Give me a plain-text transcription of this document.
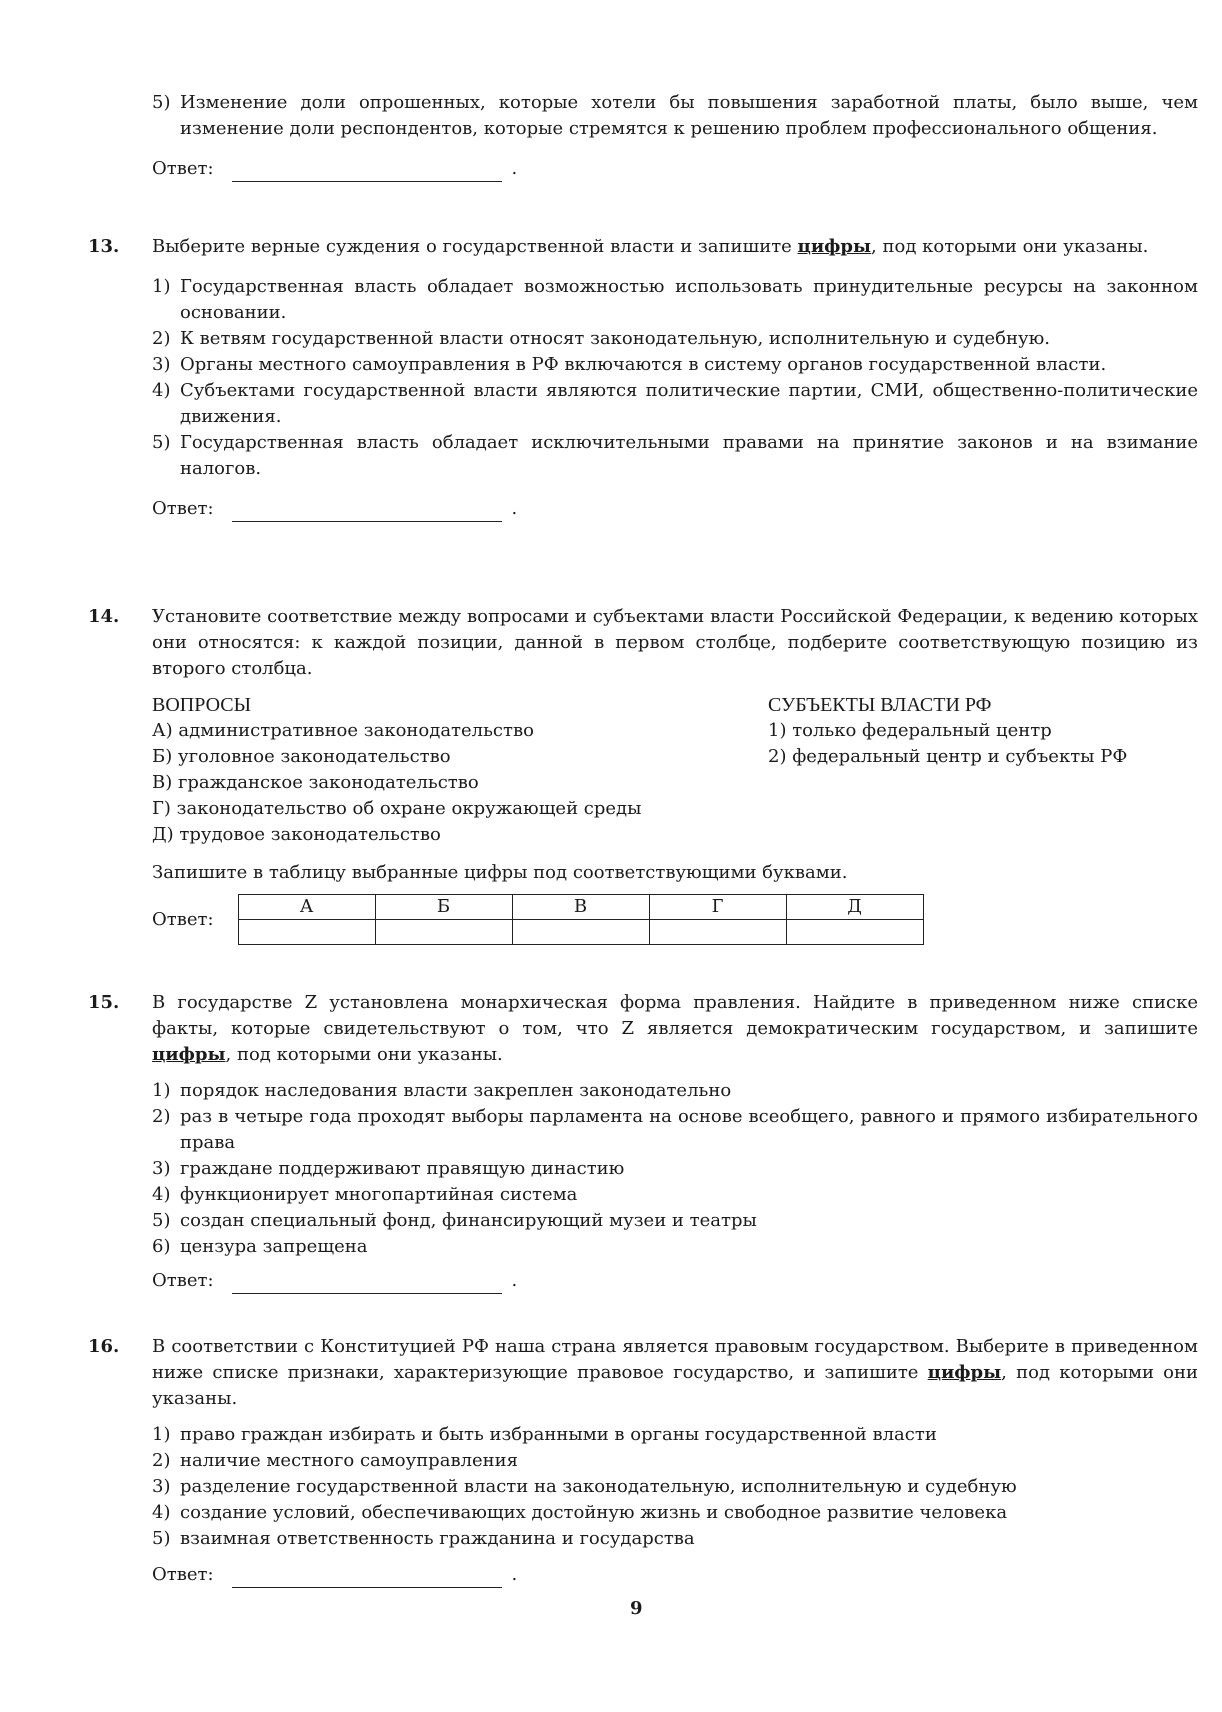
5) Изменение доли опрошенных, которые хотели бы повышения заработной платы, было выше, чем изменение доли респондентов, которые стремятся к решению проблем профессионального общения.
Ответ:	.
13. Выберите верные суждения о государственной власти и запишите цифры, под которыми они указаны.
1) Государственная власть обладает возможностью использовать принудительные ресурсы на законном основании.
2) К ветвям государственной власти относят законодательную, исполнительную и судебную.
3) Органы местного самоуправления в РФ включаются в систему органов государственной власти.
4) Субъектами государственной власти являются политические партии, СМИ, общественно-политические движения.
5) Государственная власть обладает исключительными правами на принятие законов и на взимание налогов.
Ответ:	.
14. Установите соответствие между вопросами и субъектами власти Российской Федерации, к ведению которых они относятся: к каждой позиции, данной в первом столбце, подберите соответствующую позицию из второго столбца.
ВОПРОСЫ
А) административное законодательство
Б) уголовное законодательство
В) гражданское законодательство
Г) законодательство об охране окружающей среды
Д) трудовое законодательство
СУБЪЕКТЫ ВЛАСТИ РФ
1) только федеральный центр
2) федеральный центр и субъекты РФ
Запишите в таблицу выбранные цифры под соответствующими буквами.
Ответ:
А	Б	В	Г	Д

15. В государстве Z установлена монархическая форма правления. Найдите в приведенном ниже списке факты, которые свидетельствуют о том, что Z является демократическим государством, и запишите цифры, под которыми они указаны.
1) порядок наследования власти закреплен законодательно
2) раз в четыре года проходят выборы парламента на основе всеобщего, равного и прямого избирательного права
3) граждане поддерживают правящую династию
4) функционирует многопартийная система
5) создан специальный фонд, финансирующий музеи и театры
6) цензура запрещена
Ответ:	.
16. В соответствии с Конституцией РФ наша страна является правовым государством. Выберите в приведенном ниже списке признаки, характеризующие правовое государство, и запишите цифры, под которыми они указаны.
1) право граждан избирать и быть избранными в органы государственной власти
2) наличие местного самоуправления
3) разделение государственной власти на законодательную, исполнительную и судебную
4) создание условий, обеспечивающих достойную жизнь и свободное развитие человека
5) взаимная ответственность гражданина и государства
Ответ:	.
9
